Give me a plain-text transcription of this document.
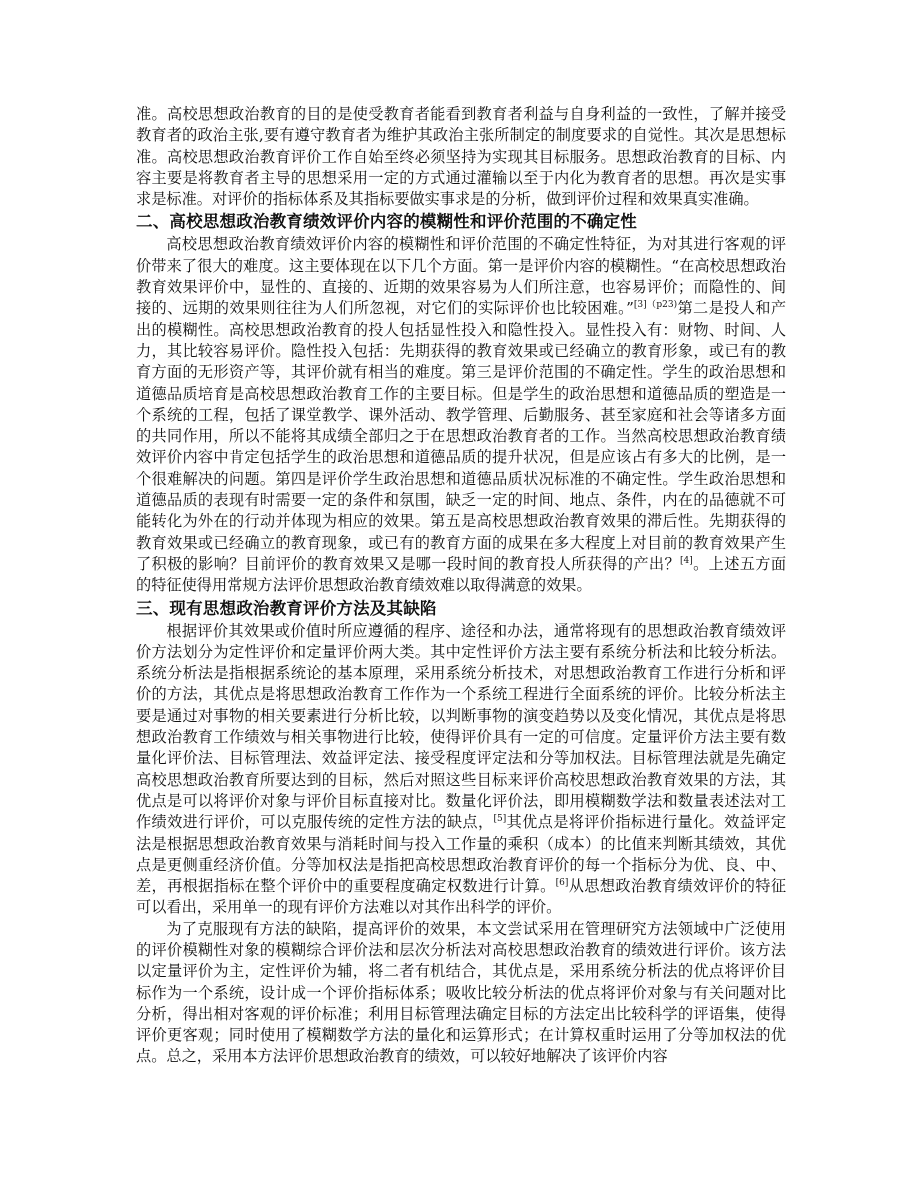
准。高校思想政治教育的目的是使受教育者能看到教育者利益与自身利益的一致性，了解并接受教育者的政治主张,要有遵守教育者为维护其政治主张所制定的制度要求的自觉性。其次是思想标准。高校思想政治教育评价工作自始至终必须坚持为实现其目标服务。思想政治教育的目标、内容主要是将教育者主导的思想采用一定的方式通过灌输以至于内化为教育者的思想。再次是实事求是标准。对评价的指标体系及其指标要做实事求是的分析，做到评价过程和效果真实准确。

二、高校思想政治教育绩效评价内容的模糊性和评价范围的不确定性

高校思想政治教育绩效评价内容的模糊性和评价范围的不确定性特征，为对其进行客观的评价带来了很大的难度。这主要体现在以下几个方面。第一是评价内容的模糊性。“在高校思想政治教育效果评价中，显性的、直接的、近期的效果容易为人们所注意，也容易评价；而隐性的、间接的、远期的效果则往往为人们所忽视，对它们的实际评价也比较困难。”$^{[3](p23)}$第二是投人和产出的模糊性。高校思想政治教育的投人包括显性投入和隐性投入。显性投入有：财物、时间、人力，其比较容易评价。隐性投入包括：先期获得的教育效果或已经确立的教育形象，或已有的教育方面的无形资产等，其评价就有相当的难度。第三是评价范围的不确定性。学生的政治思想和道德品质培育是高校思想政治教育工作的主要目标。但是学生的政治思想和道德品质的塑造是一个系统的工程，包括了课堂教学、课外活动、教学管理、后勤服务、甚至家庭和社会等诸多方面的共同作用，所以不能将其成绩全部归之于在思想政治教育者的工作。当然高校思想政治教育绩效评价内容中肯定包括学生的政治思想和道德品质的提升状况，但是应该占有多大的比例，是一个很难解决的问题。第四是评价学生政治思想和道德品质状况标准的不确定性。学生政治思想和道德品质的表现有时需要一定的条件和氛围，缺乏一定的时间、地点、条件，内在的品德就不可能转化为外在的行动并体现为相应的效果。第五是高校思想政治教育效果的滞后性。先期获得的教育效果或已经确立的教育现象，或已有的教育方面的成果在多大程度上对目前的教育效果产生了积极的影响？目前评价的教育效果又是哪一段时间的教育投人所获得的产出？[4]。上述五方面的特征使得用常规方法评价思想政治教育绩效难以取得满意的效果。

三、现有思想政治教育评价方法及其缺陷

根据评价其效果或价值时所应遵循的程序、途径和办法，通常将现有的思想政治教育绩效评价方法划分为定性评价和定量评价两大类。其中定性评价方法主要有系统分析法和比较分析法。系统分析法是指根据系统论的基本原理，采用系统分析技术，对思想政治教育工作进行分析和评价的方法，其优点是将思想政治教育工作作为一个系统工程进行全面系统的评价。比较分析法主要是通过对事物的相关要素进行分析比较，以判断事物的演变趋势以及变化情况，其优点是将思想政治教育工作绩效与相关事物进行比较，使得评价具有一定的可信度。定量评价方法主要有数量化评价法、目标管理法、效益评定法、接受程度评定法和分等加权法。目标管理法就是先确定高校思想政治教育所要达到的目标，然后对照这些目标来评价高校思想政治教育效果的方法，其优点是可以将评价对象与评价目标直接对比。数量化评价法，即用模糊数学法和数量表述法对工作绩效进行评价，可以克服传统的定性方法的缺点，[5]其优点是将评价指标进行量化。效益评定法是根据思想政治教育效果与消耗时间与投入工作量的乘积（成本）的比值来判断其绩效，其优点是更侧重经济价值。分等加权法是指把高校思想政治教育评价的每一个指标分为优、良、中、差，再根据指标在整个评价中的重要程度确定权数进行计算。[6]从思想政治教育绩效评价的特征可以看出，采用单一的现有评价方法难以对其作出科学的评价。

为了克服现有方法的缺陷，提高评价的效果，本文尝试采用在管理研究方法领域中广泛使用的评价模糊性对象的模糊综合评价法和层次分析法对高校思想政治教育的绩效进行评价。该方法以定量评价为主，定性评价为辅，将二者有机结合，其优点是，采用系统分析法的优点将评价目标作为一个系统，设计成一个评价指标体系；吸收比较分析法的优点将评价对象与有关问题对比分析，得出相对客观的评价标准；利用目标管理法确定目标的方法定出比较科学的评语集，使得评价更客观；同时使用了模糊数学方法的量化和运算形式；在计算权重时运用了分等加权法的优点。总之，采用本方法评价思想政治教育的绩效，可以较好地解决了该评价内容
